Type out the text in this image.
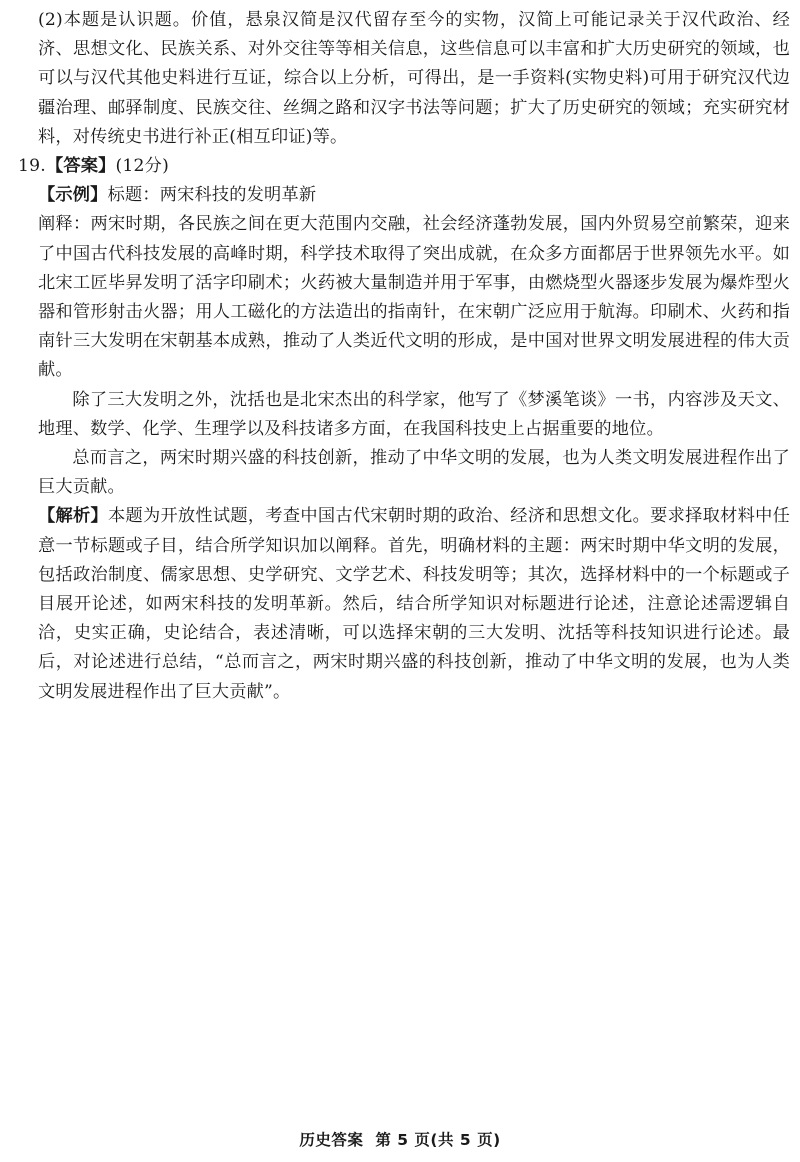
(2)本题是认识题。价值，悬泉汉简是汉代留存至今的实物，汉简上可能记录关于汉代政治、经济、思想文化、民族关系、对外交往等等相关信息，这些信息可以丰富和扩大历史研究的领域，也可以与汉代其他史料进行互证，综合以上分析，可得出，是一手资料(实物史料)可用于研究汉代边疆治理、邮驿制度、民族交往、丝绸之路和汉字书法等问题；扩大了历史研究的领域；充实研究材料，对传统史书进行补正(相互印证)等。

19.【答案】(12分)

【示例】标题：两宋科技的发明革新

阐释：两宋时期，各民族之间在更大范围内交融，社会经济蓬勃发展，国内外贸易空前繁荣，迎来了中国古代科技发展的高峰时期，科学技术取得了突出成就，在众多方面都居于世界领先水平。如北宋工匠毕昇发明了活字印刷术；火药被大量制造并用于军事，由燃烧型火器逐步发展为爆炸型火器和管形射击火器；用人工磁化的方法造出的指南针，在宋朝广泛应用于航海。印刷术、火药和指南针三大发明在宋朝基本成熟，推动了人类近代文明的形成，是中国对世界文明发展进程的伟大贡献。

除了三大发明之外，沈括也是北宋杰出的科学家，他写了《梦溪笔谈》一书，内容涉及天文、地理、数学、化学、生理学以及科技诸多方面，在我国科技史上占据重要的地位。

总而言之，两宋时期兴盛的科技创新，推动了中华文明的发展，也为人类文明发展进程作出了巨大贡献。

【解析】本题为开放性试题，考查中国古代宋朝时期的政治、经济和思想文化。要求择取材料中任意一节标题或子目，结合所学知识加以阐释。首先，明确材料的主题：两宋时期中华文明的发展，包括政治制度、儒家思想、史学研究、文学艺术、科技发明等；其次，选择材料中的一个标题或子目展开论述，如两宋科技的发明革新。然后，结合所学知识对标题进行论述，注意论述需逻辑自洽，史实正确，史论结合，表述清晰，可以选择宋朝的三大发明、沈括等科技知识进行论述。最后，对论述进行总结，“总而言之，两宋时期兴盛的科技创新，推动了中华文明的发展，也为人类文明发展进程作出了巨大贡献”。

历史答案 第 5 页(共 5 页)
